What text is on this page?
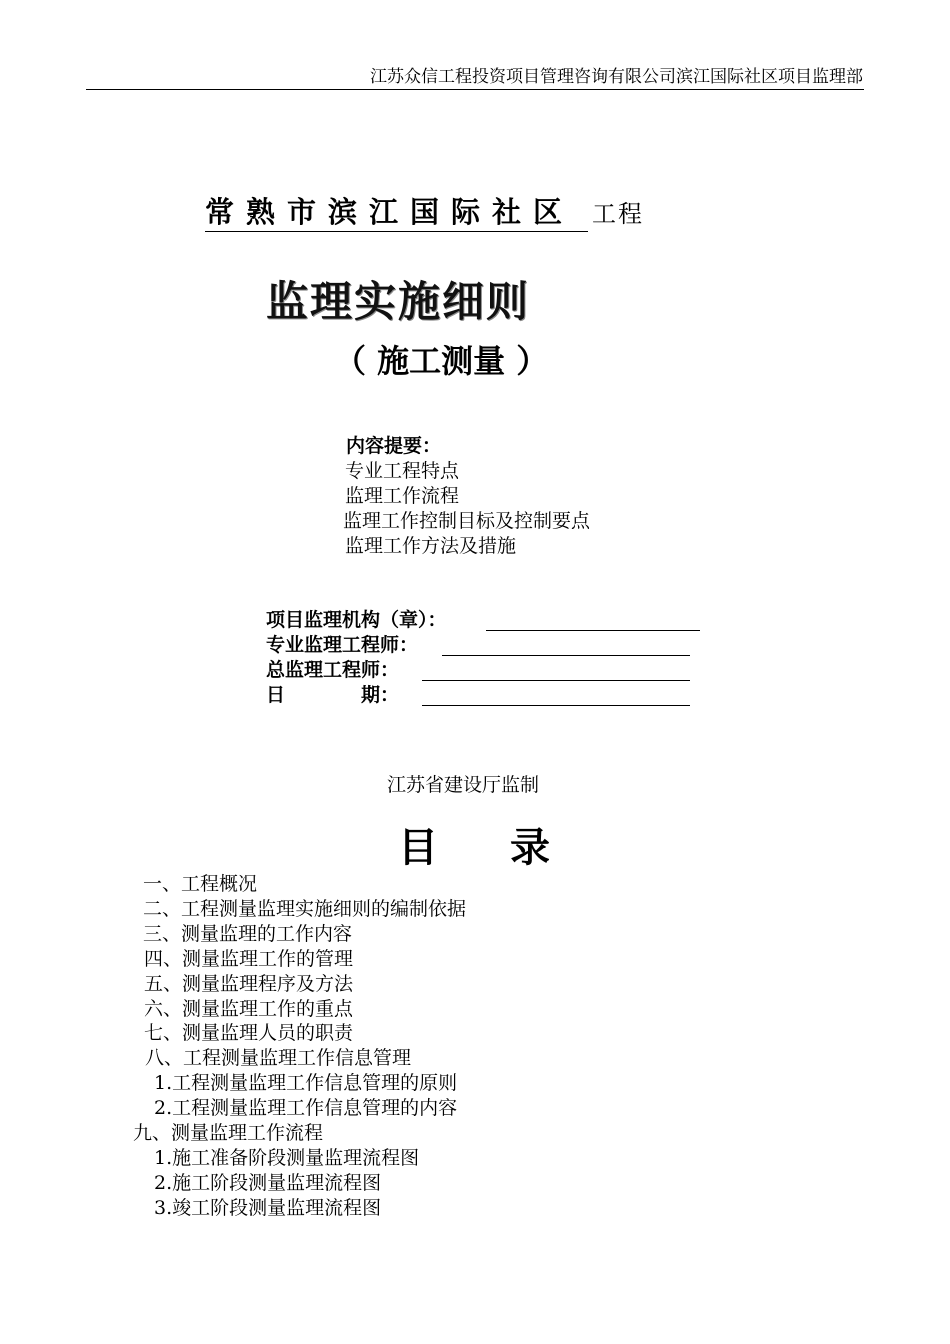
江苏众信工程投资项目管理咨询有限公司滨江国际社区项目监理部
常熟市滨江国际社区 工程
监理实施细则
（ 施工测量 ）
内容提要：
专业工程特点
监理工作流程
监理工作控制目标及控制要点
监理工作方法及措施
项目监理机构（章）：
专业监理工程师：
总监理工程师：
日	期：
江苏省建设厅监制
目录
一、工程概况
二、工程测量监理实施细则的编制依据
三、测量监理的工作内容
四、测量监理工作的管理
五、测量监理程序及方法
六、测量监理工作的重点
七、测量监理人员的职责
八、工程测量监理工作信息管理
1.工程测量监理工作信息管理的原则
2.工程测量监理工作信息管理的内容
九、测量监理工作流程
1.施工准备阶段测量监理流程图
2.施工阶段测量监理流程图
3.竣工阶段测量监理流程图
